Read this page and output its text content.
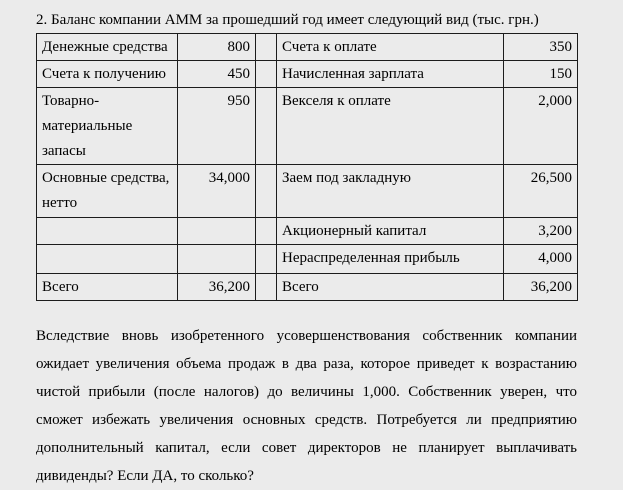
2. Баланс компании АММ за прошедший год имеет следующий вид (тыс. грн.)
Денежные средства	800		Счета к оплате	350
Счета к получению	450		Начисленная зарплата	150
Товарно-материальные запасы	950		Векселя к оплате	2,000
Основные средства, нетто	34,000		Заем под закладную	26,500
			Акционерный капитал	3,200
			Нераспределенная прибыль	4,000
Всего	36,200		Всего	36,200

Вследствие вновь изобретенного усовершенствования собственник компании ожидает увеличения объема продаж в два раза, которое приведет к возрастанию чистой прибыли (после налогов) до величины 1,000. Собственник уверен, что сможет избежать увеличения основных средств. Потребуется ли предприятию дополнительный капитал, если совет директоров не планирует выплачивать дивиденды? Если ДА, то сколько?
